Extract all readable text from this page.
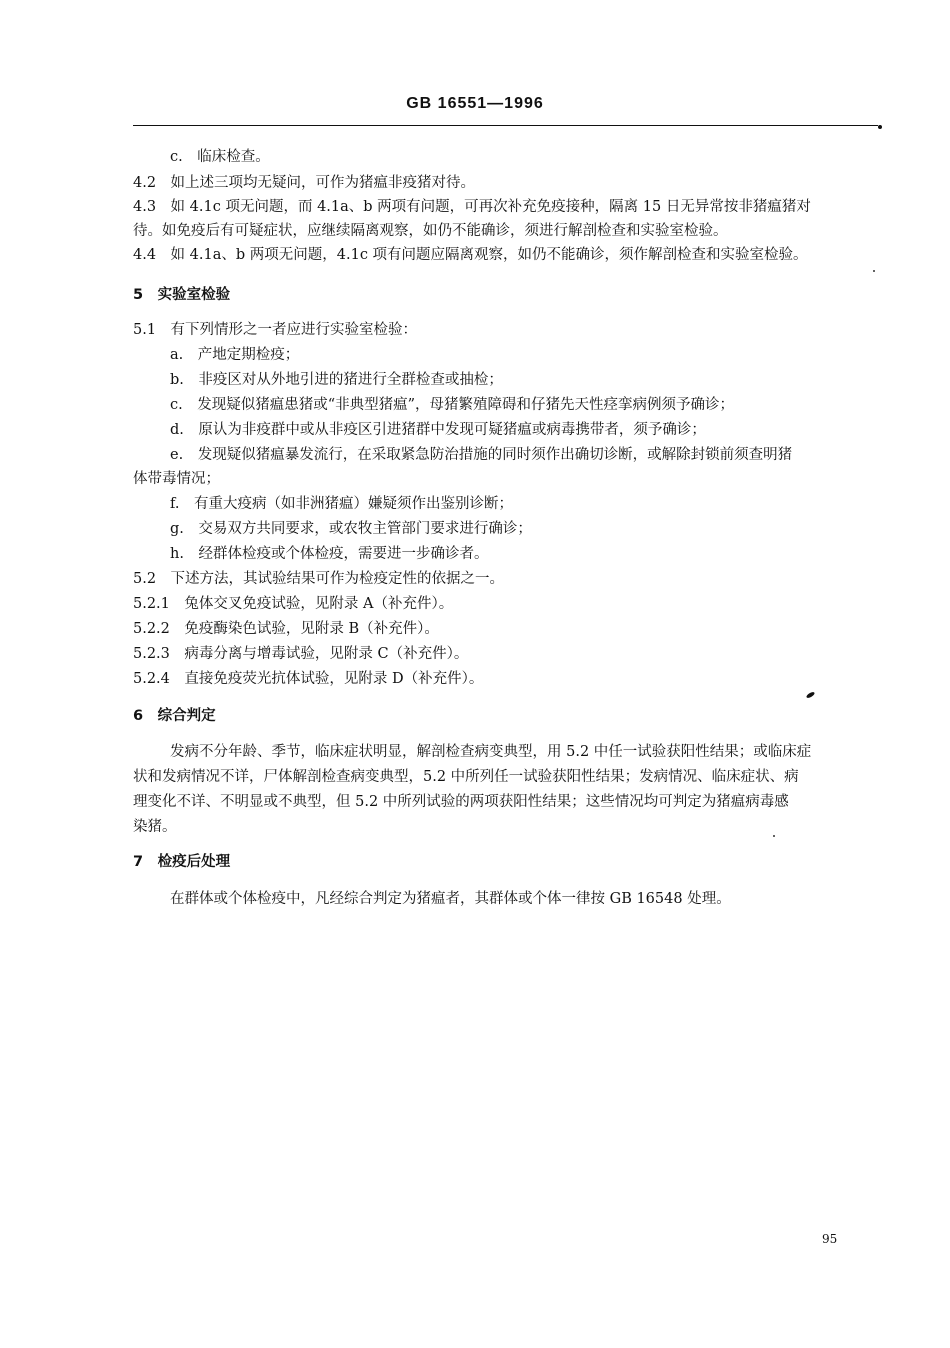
GB 16551—1996
c.　临床检查。
4.2　如上述三项均无疑问，可作为猪瘟非疫猪对待。
4.3　如 4.1c 项无问题，而 4.1a、b 两项有问题，可再次补充免疫接种，隔离 15 日无异常按非猪瘟猪对
待。如免疫后有可疑症状，应继续隔离观察，如仍不能确诊，须进行解剖检查和实验室检验。
4.4　如 4.1a、b 两项无问题，4.1c 项有问题应隔离观察，如仍不能确诊，须作解剖检查和实验室检验。
5　实验室检验
5.1　有下列情形之一者应进行实验室检验：
a.　产地定期检疫；
b.　非疫区对从外地引进的猪进行全群检查或抽检；
c.　发现疑似猪瘟患猪或“非典型猪瘟”，母猪繁殖障碍和仔猪先天性痉挛病例须予确诊；
d.　原认为非疫群中或从非疫区引进猪群中发现可疑猪瘟或病毒携带者，须予确诊；
e.　发现疑似猪瘟暴发流行，在采取紧急防治措施的同时须作出确切诊断，或解除封锁前须查明猪
体带毒情况；
f.　有重大疫病（如非洲猪瘟）嫌疑须作出鉴别诊断；
g.　交易双方共同要求，或农牧主管部门要求进行确诊；
h.　经群体检疫或个体检疫，需要进一步确诊者。
5.2　下述方法，其试验结果可作为检疫定性的依据之一。
5.2.1　兔体交叉免疫试验，见附录 A（补充件）。
5.2.2　免疫酶染色试验，见附录 B（补充件）。
5.2.3　病毒分离与增毒试验，见附录 C（补充件）。
5.2.4　直接免疫荧光抗体试验，见附录 D（补充件）。
6　综合判定
发病不分年龄、季节，临床症状明显，解剖检查病变典型，用 5.2 中任一试验获阳性结果；或临床症
状和发病情况不详，尸体解剖检查病变典型，5.2 中所列任一试验获阳性结果；发病情况、临床症状、病
理变化不详、不明显或不典型，但 5.2 中所列试验的两项获阳性结果；这些情况均可判定为猪瘟病毒感
染猪。
7　检疫后处理
在群体或个体检疫中，凡经综合判定为猪瘟者，其群体或个体一律按 GB 16548 处理。
95
